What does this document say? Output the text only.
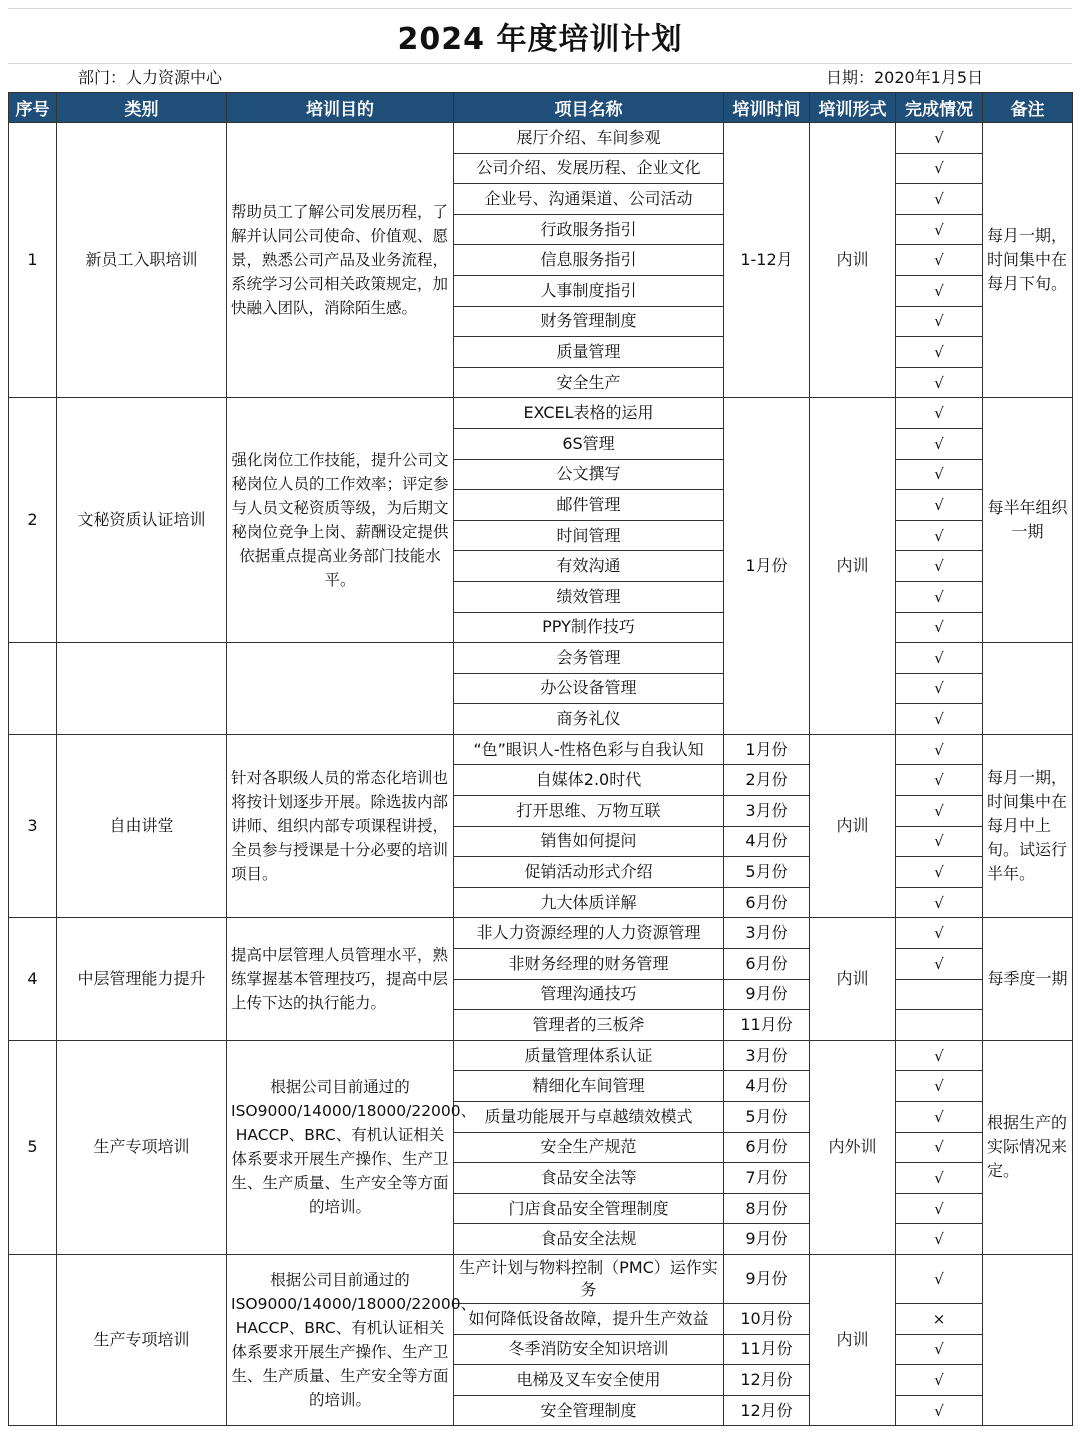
2024 年度培训计划
部门：人力资源中心	日期：2020年1月5日
序号	类别	培训目的	项目名称	培训时间	培训形式	完成情况	备注
1	新员工入职培训	帮助员工了解公司发展历程，了解并认同公司使命、价值观、愿景，熟悉公司产品及业务流程，系统学习公司相关政策规定，加快融入团队，消除陌生感。	展厅介绍、车间参观	1-12月	内训	√	每月一期，时间集中在每月下旬。
			公司介绍、发展历程、企业文化			√	
			企业号、沟通渠道、公司活动			√	
			行政服务指引			√	
			信息服务指引			√	
			人事制度指引			√	
			财务管理制度			√	
			质量管理			√	
			安全生产			√	
2	文秘资质认证培训	强化岗位工作技能，提升公司文秘岗位人员的工作效率；评定参与人员文秘资质等级，为后期文秘岗位竞争上岗、薪酬设定提供依据重点提高业务部门技能水平。	EXCEL表格的运用	1月份	内训	√	每半年组织一期
			6S管理			√	
			公文撰写			√	
			邮件管理			√	
			时间管理			√	
			有效沟通			√	
			绩效管理			√	
			PPY制作技巧			√	
			会务管理			√	
			办公设备管理			√	
			商务礼仪			√	
3	自由讲堂	针对各职级人员的常态化培训也将按计划逐步开展。除选拔内部讲师、组织内部专项课程讲授，全员参与授课是十分必要的培训项目。	“色”眼识人-性格色彩与自我认知	1月份	内训	√	每月一期，时间集中在每月中上旬。试运行半年。
			自媒体2.0时代	2月份		√	
			打开思维、万物互联	3月份		√	
			销售如何提问	4月份		√	
			促销活动形式介绍	5月份		√	
			九大体质详解	6月份		√	
4	中层管理能力提升	提高中层管理人员管理水平，熟练掌握基本管理技巧，提高中层上传下达的执行能力。	非人力资源经理的人力资源管理	3月份	内训	√	每季度一期
			非财务经理的财务管理	6月份		√	
			管理沟通技巧	9月份			
			管理者的三板斧	11月份			
5	生产专项培训	根据公司目前通过的ISO9000/14000/18000/22000、HACCP、BRC、有机认证相关体系要求开展生产操作、生产卫生、生产质量、生产安全等方面的培训。	质量管理体系认证	3月份	内外训	√	根据生产的实际情况来定。
			精细化车间管理	4月份		√	
			质量功能展开与卓越绩效模式	5月份		√	
			安全生产规范	6月份		√	
			食品安全法等	7月份		√	
			门店食品安全管理制度	8月份		√	
			食品安全法规	9月份		√	
	生产专项培训	根据公司目前通过的ISO9000/14000/18000/22000、HACCP、BRC、有机认证相关体系要求开展生产操作、生产卫生、生产质量、生产安全等方面的培训。	生产计划与物料控制（PMC）运作实务	9月份	内训	√	
			如何降低设备故障，提升生产效益	10月份		×	
			冬季消防安全知识培训	11月份		√	
			电梯及叉车安全使用	12月份		√	
			安全管理制度	12月份		√	
